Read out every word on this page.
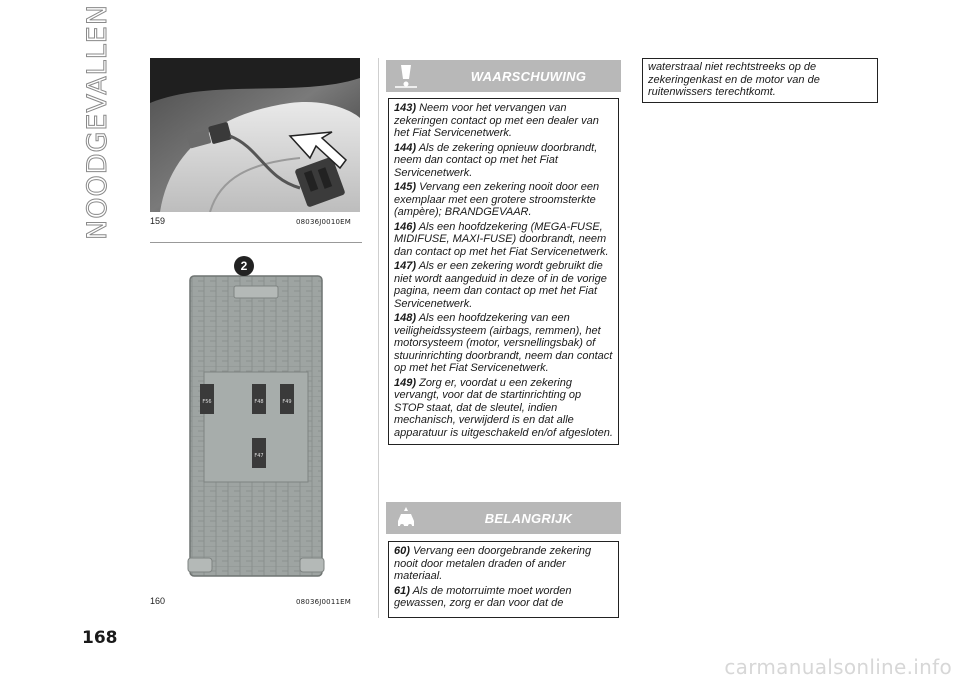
NOODGEVALLEN
168
159	08036J0010EM
F56	F48	F49
F47
2
160	08036J0011EM
WAARSCHUWING

143) Neem voor het vervangen van zekeringen contact op met een dealer van het Fiat Servicenetwerk.

144) Als de zekering opnieuw doorbrandt, neem dan contact op met het Fiat Servicenetwerk.

145) Vervang een zekering nooit door een exemplaar met een grotere stroomsterkte (ampère); BRANDGEVAAR.

146) Als een hoofdzekering (MEGA-FUSE, MIDIFUSE, MAXI-FUSE) doorbrandt, neem dan contact op met het Fiat Servicenetwerk.

147) Als er een zekering wordt gebruikt die niet wordt aangeduid in deze of in de vorige pagina, neem dan contact op met het Fiat Servicenetwerk.

148) Als een hoofdzekering van een veiligheidssysteem (airbags, remmen), het motorsysteem (motor, versnellingsbak) of stuurinrichting doorbrandt, neem dan contact op met het Fiat Servicenetwerk.

149) Zorg er, voordat u een zekering vervangt, voor dat de startinrichting op STOP staat, dat de sleutel, indien mechanisch, verwijderd is en dat alle apparatuur is uitgeschakeld en/of afgesloten.

BELANGRIJK

60) Vervang een doorgebrande zekering nooit door metalen draden of ander materiaal.

61) Als de motorruimte moet worden gewassen, zorg er dan voor dat de

waterstraal niet rechtstreeks op de zekeringenkast en de motor van de ruitenwissers terechtkomt.
carmanualsonline.info
